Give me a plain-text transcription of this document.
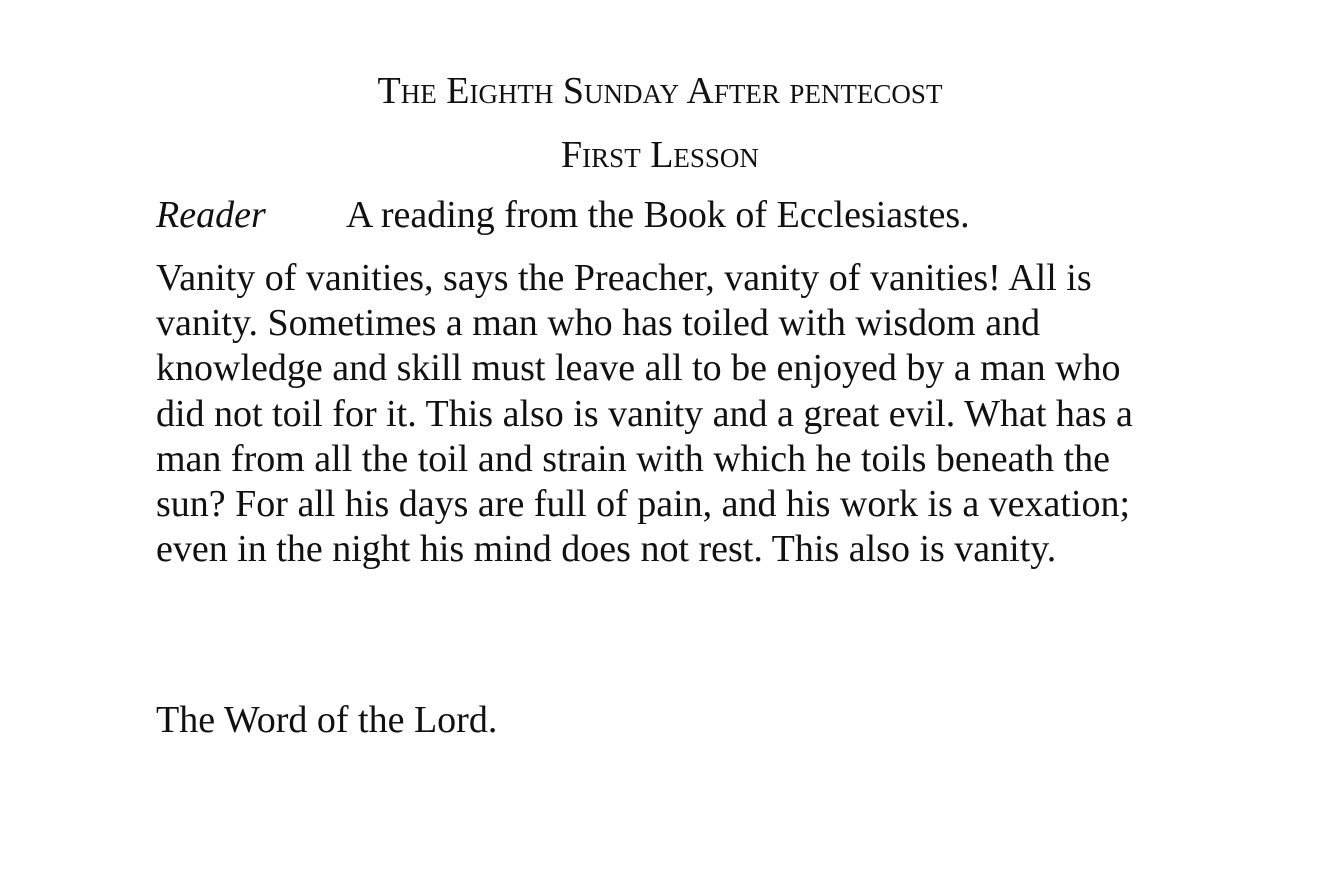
The Eighth Sunday After pentecost
First Lesson
Reader A reading from the Book of Ecclesiastes.

Vanity of vanities, says the Preacher, vanity of vanities! All is vanity. Sometimes a man who has toiled with wisdom and knowledge and skill must leave all to be enjoyed by a man who did not toil for it. This also is vanity and a great evil. What has a man from all the toil and strain with which he toils beneath the sun? For all his days are full of pain, and his work is a vexation; even in the night his mind does not rest. This also is vanity.

The Word of the Lord.
